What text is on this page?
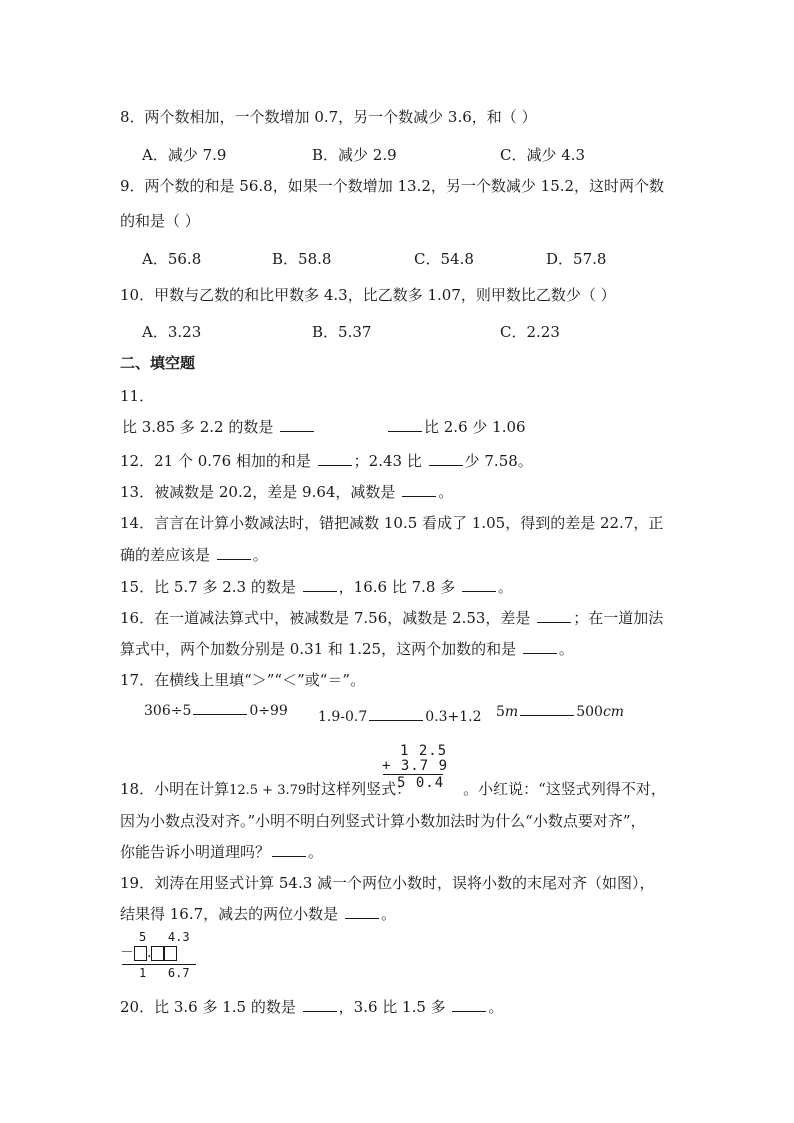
8．两个数相加，一个数增加 0.7，另一个数减少 3.6，和（ ）
A．减少 7.9	B．减少 2.9	C．减少 4.3
9．两个数的和是 56.8，如果一个数增加 13.2，另一个数减少 15.2，这时两个数
的和是（ ）
A．56.8	B．58.8	C．54.8	D．57.8
10．甲数与乙数的和比甲数多 4.3，比乙数多 1.07，则甲数比乙数少（ ）
A．3.23	B．5.37	C．2.23
二、填空题
11．
比 3.85 多 2.2 的数是	比 2.6 少 1.06
12．21 个 0.76 相加的和是	；2.43 比	少 7.58。
13．被减数是 20.2，差是 9.64，减数是	。
14．言言在计算小数减法时，错把减数 10.5 看成了 1.05，得到的差是 22.7，正
确的差应该是	。
15．比 5.7 多 2.3 的数是	，16.6 比 7.8 多	。
16．在一道减法算式中，被减数是 7.56，减数是 2.53，差是	；在一道加法
算式中，两个加数分别是 0.31 和 1.25，这两个加数的和是	。
17．在横线上里填“＞”“＜”或“＝”。
306÷5	0÷99 1.9-0.7	0.3+1.2 5m	500cm
1 2.5
+ 3.7 9
5 0.4
18．小明在计算12.5 + 3.79时这样列竖式：	。小红说：“这竖式列得不对，
因为小数点没对齐。”小明不明白列竖式计算小数加法时为什么“小数点要对齐”，
你能告诉小明道理吗？	。
19．刘涛在用竖式计算 54.3 减一个两位小数时，误将小数的末尾对齐（如图），
结果得 16.7，减去的两位小数是	。
5   4.3
－ .
1   6.7
20．比 3.6 多 1.5 的数是	，3.6 比 1.5 多	。
